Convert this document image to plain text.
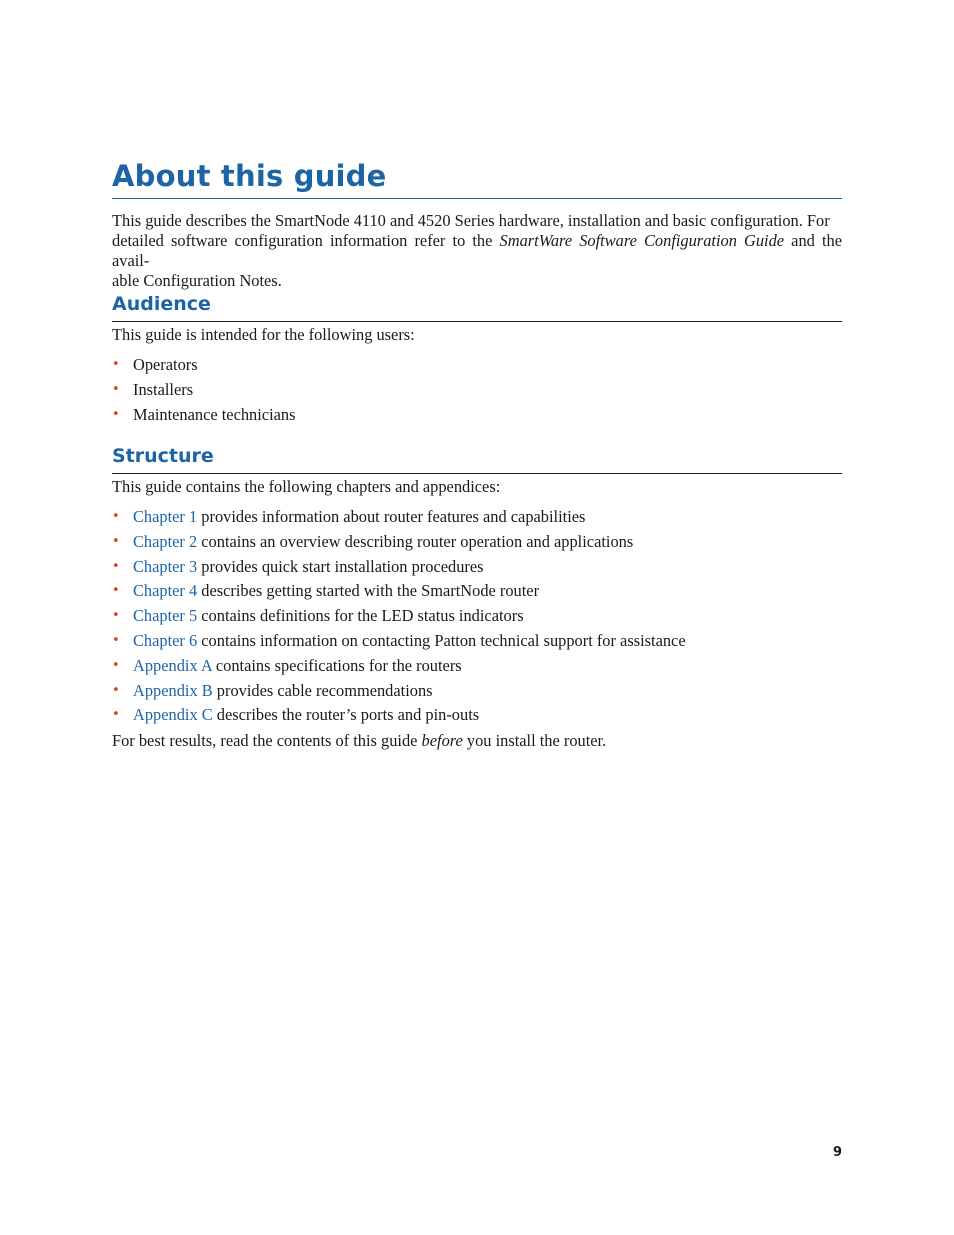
About this guide

This guide describes the SmartNode 4110 and 4520 Series hardware, installation and basic configuration. For

detailed software configuration information refer to the SmartWare Software Configuration Guide and the avail-

able Configuration Notes.

Audience

This guide is intended for the following users:

• Operators
• Installers
• Maintenance technicians
Structure

This guide contains the following chapters and appendices:

• Chapter 1 provides information about router features and capabilities
• Chapter 2 contains an overview describing router operation and applications
• Chapter 3 provides quick start installation procedures
• Chapter 4 describes getting started with the SmartNode router
• Chapter 5 contains definitions for the LED status indicators
• Chapter 6 contains information on contacting Patton technical support for assistance
• Appendix A contains specifications for the routers
• Appendix B provides cable recommendations
• Appendix C describes the router’s ports and pin-outs

For best results, read the contents of this guide before you install the router.

9
